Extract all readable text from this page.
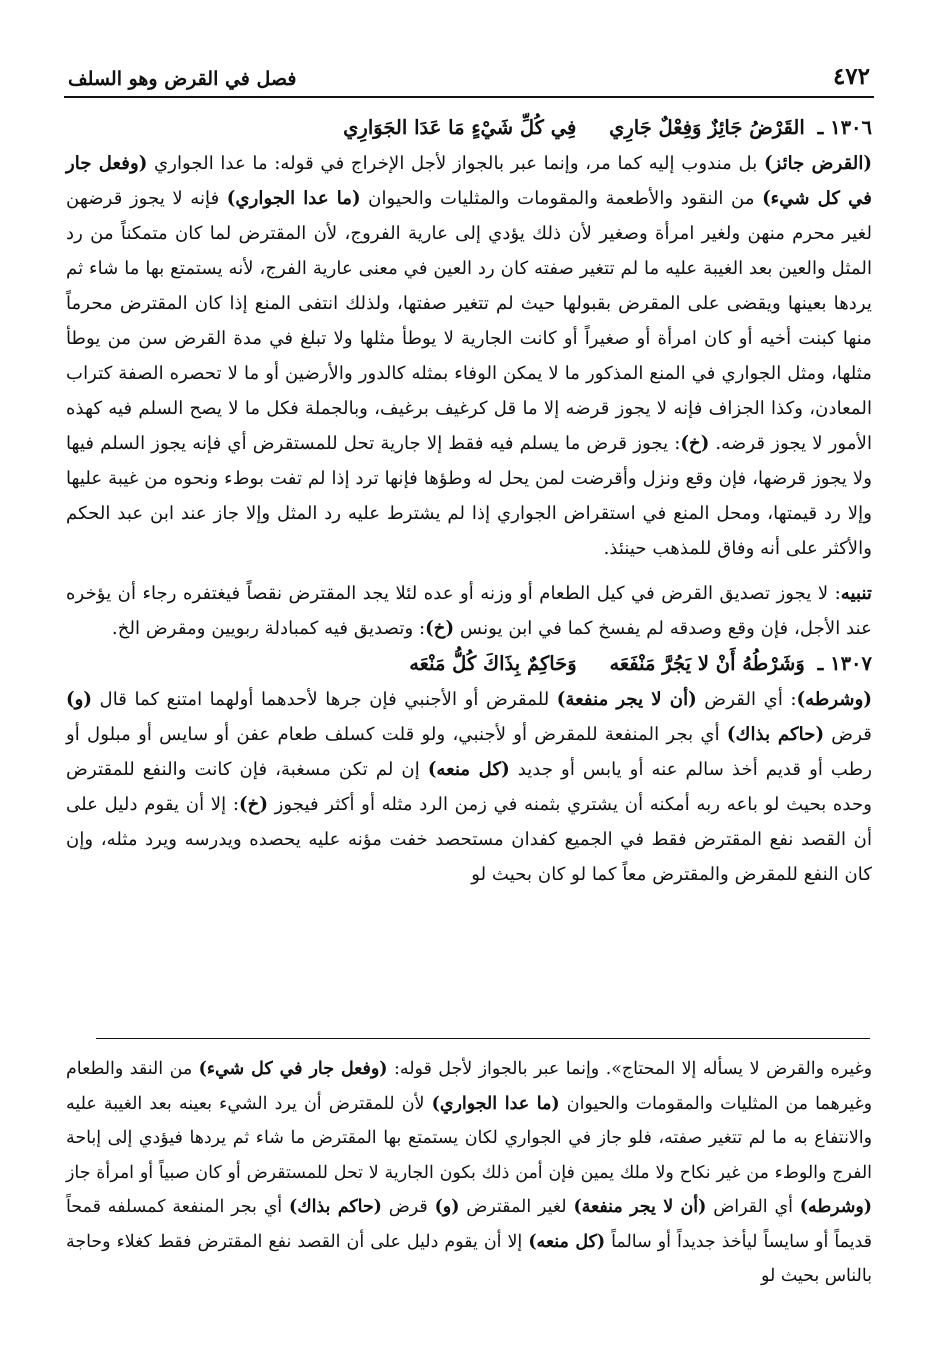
٤٧٢
فصل في القرض وهو السلف
١٣٠٦ ـ القَرْضُ جَائِزٌ وَفِعْلٌ جَارِي فِي كُلِّ شَيْءٍ مَا عَدَا الجَوَارِي

(القرض جائز) بل مندوب إليه كما مر، وإنما عبر بالجواز لأجل الإخراج في قوله: ما عدا الجواري (وفعل جار في كل شيء) من النقود والأطعمة والمقومات والمثليات والحيوان (ما عدا الجواري) فإنه لا يجوز قرضهن لغير محرم منهن ولغير امرأة وصغير لأن ذلك يؤدي إلى عارية الفروج، لأن المقترض لما كان متمكناً من رد المثل والعين بعد الغيبة عليه ما لم تتغير صفته كان رد العين في معنى عارية الفرج، لأنه يستمتع بها ما شاء ثم يردها بعينها ويقضى على المقرض بقبولها حيث لم تتغير صفتها، ولذلك انتفى المنع إذا كان المقترض محرماً منها كبنت أخيه أو كان امرأة أو صغيراً أو كانت الجارية لا يوطأ مثلها ولا تبلغ في مدة القرض سن من يوطأ مثلها، ومثل الجواري في المنع المذكور ما لا يمكن الوفاء بمثله كالدور والأرضين أو ما لا تحصره الصفة كتراب المعادن، وكذا الجزاف فإنه لا يجوز قرضه إلا ما قل كرغيف برغيف، وبالجملة فكل ما لا يصح السلم فيه كهذه الأمور لا يجوز قرضه. (خ): يجوز قرض ما يسلم فيه فقط إلا جارية تحل للمستقرض أي فإنه يجوز السلم فيها ولا يجوز قرضها، فإن وقع ونزل وأقرضت لمن يحل له وطؤها فإنها ترد إذا لم تفت بوطء ونحوه من غيبة عليها وإلا رد قيمتها، ومحل المنع في استقراض الجواري إذا لم يشترط عليه رد المثل وإلا جاز عند ابن عبد الحكم والأكثر على أنه وفاق للمذهب حينئذ.

تنبيه: لا يجوز تصديق القرض في كيل الطعام أو وزنه أو عده لئلا يجد المقترض نقصاً فيغتفره رجاء أن يؤخره عند الأجل، فإن وقع وصدقه لم يفسخ كما في ابن يونس (خ): وتصديق فيه كمبادلة ربويين ومقرض الخ.

١٣٠٧ ـ وَشَرْطُهُ أَنْ لا يَجُرَّ مَنْفَعَه وَحَاكِمٌ بِذَاكَ كُلُّ مَنْعَه

(وشرطه): أي القرض (أن لا يجر منفعة) للمقرض أو الأجنبي فإن جرها لأحدهما أولهما امتنع كما قال (و) قرض (حاكم بذاك) أي بجر المنفعة للمقرض أو لأجنبي، ولو قلت كسلف طعام عفن أو سايس أو مبلول أو رطب أو قديم أخذ سالم عنه أو يابس أو جديد (كل منعه) إن لم تكن مسغبة، فإن كانت والنفع للمقترض وحده بحيث لو باعه ربه أمكنه أن يشتري بثمنه في زمن الرد مثله أو أكثر فيجوز (خ): إلا أن يقوم دليل على أن القصد نفع المقترض فقط في الجميع كفدان مستحصد خفت مؤنه عليه يحصده ويدرسه ويرد مثله، وإن كان النفع للمقرض والمقترض معاً كما لو كان بحيث لو

وغيره والقرض لا يسأله إلا المحتاج». وإنما عبر بالجواز لأجل قوله: (وفعل جار في كل شيء) من النقد والطعام وغيرهما من المثليات والمقومات والحيوان (ما عدا الجواري) لأن للمقترض أن يرد الشيء بعينه بعد الغيبة عليه والانتفاع به ما لم تتغير صفته، فلو جاز في الجواري لكان يستمتع بها المقترض ما شاء ثم يردها فيؤدي إلى إباحة الفرج والوطء من غير نكاح ولا ملك يمين فإن أمن ذلك بكون الجارية لا تحل للمستقرض أو كان صبياً أو امرأة جاز (وشرطه) أي القراض (أن لا يجر منفعة) لغير المقترض (و) قرض (حاكم بذاك) أي بجر المنفعة كمسلفه قمحاً قديماً أو سايساً ليأخذ جديداً أو سالماً (كل منعه) إلا أن يقوم دليل على أن القصد نفع المقترض فقط كغلاء وحاجة بالناس بحيث لو
